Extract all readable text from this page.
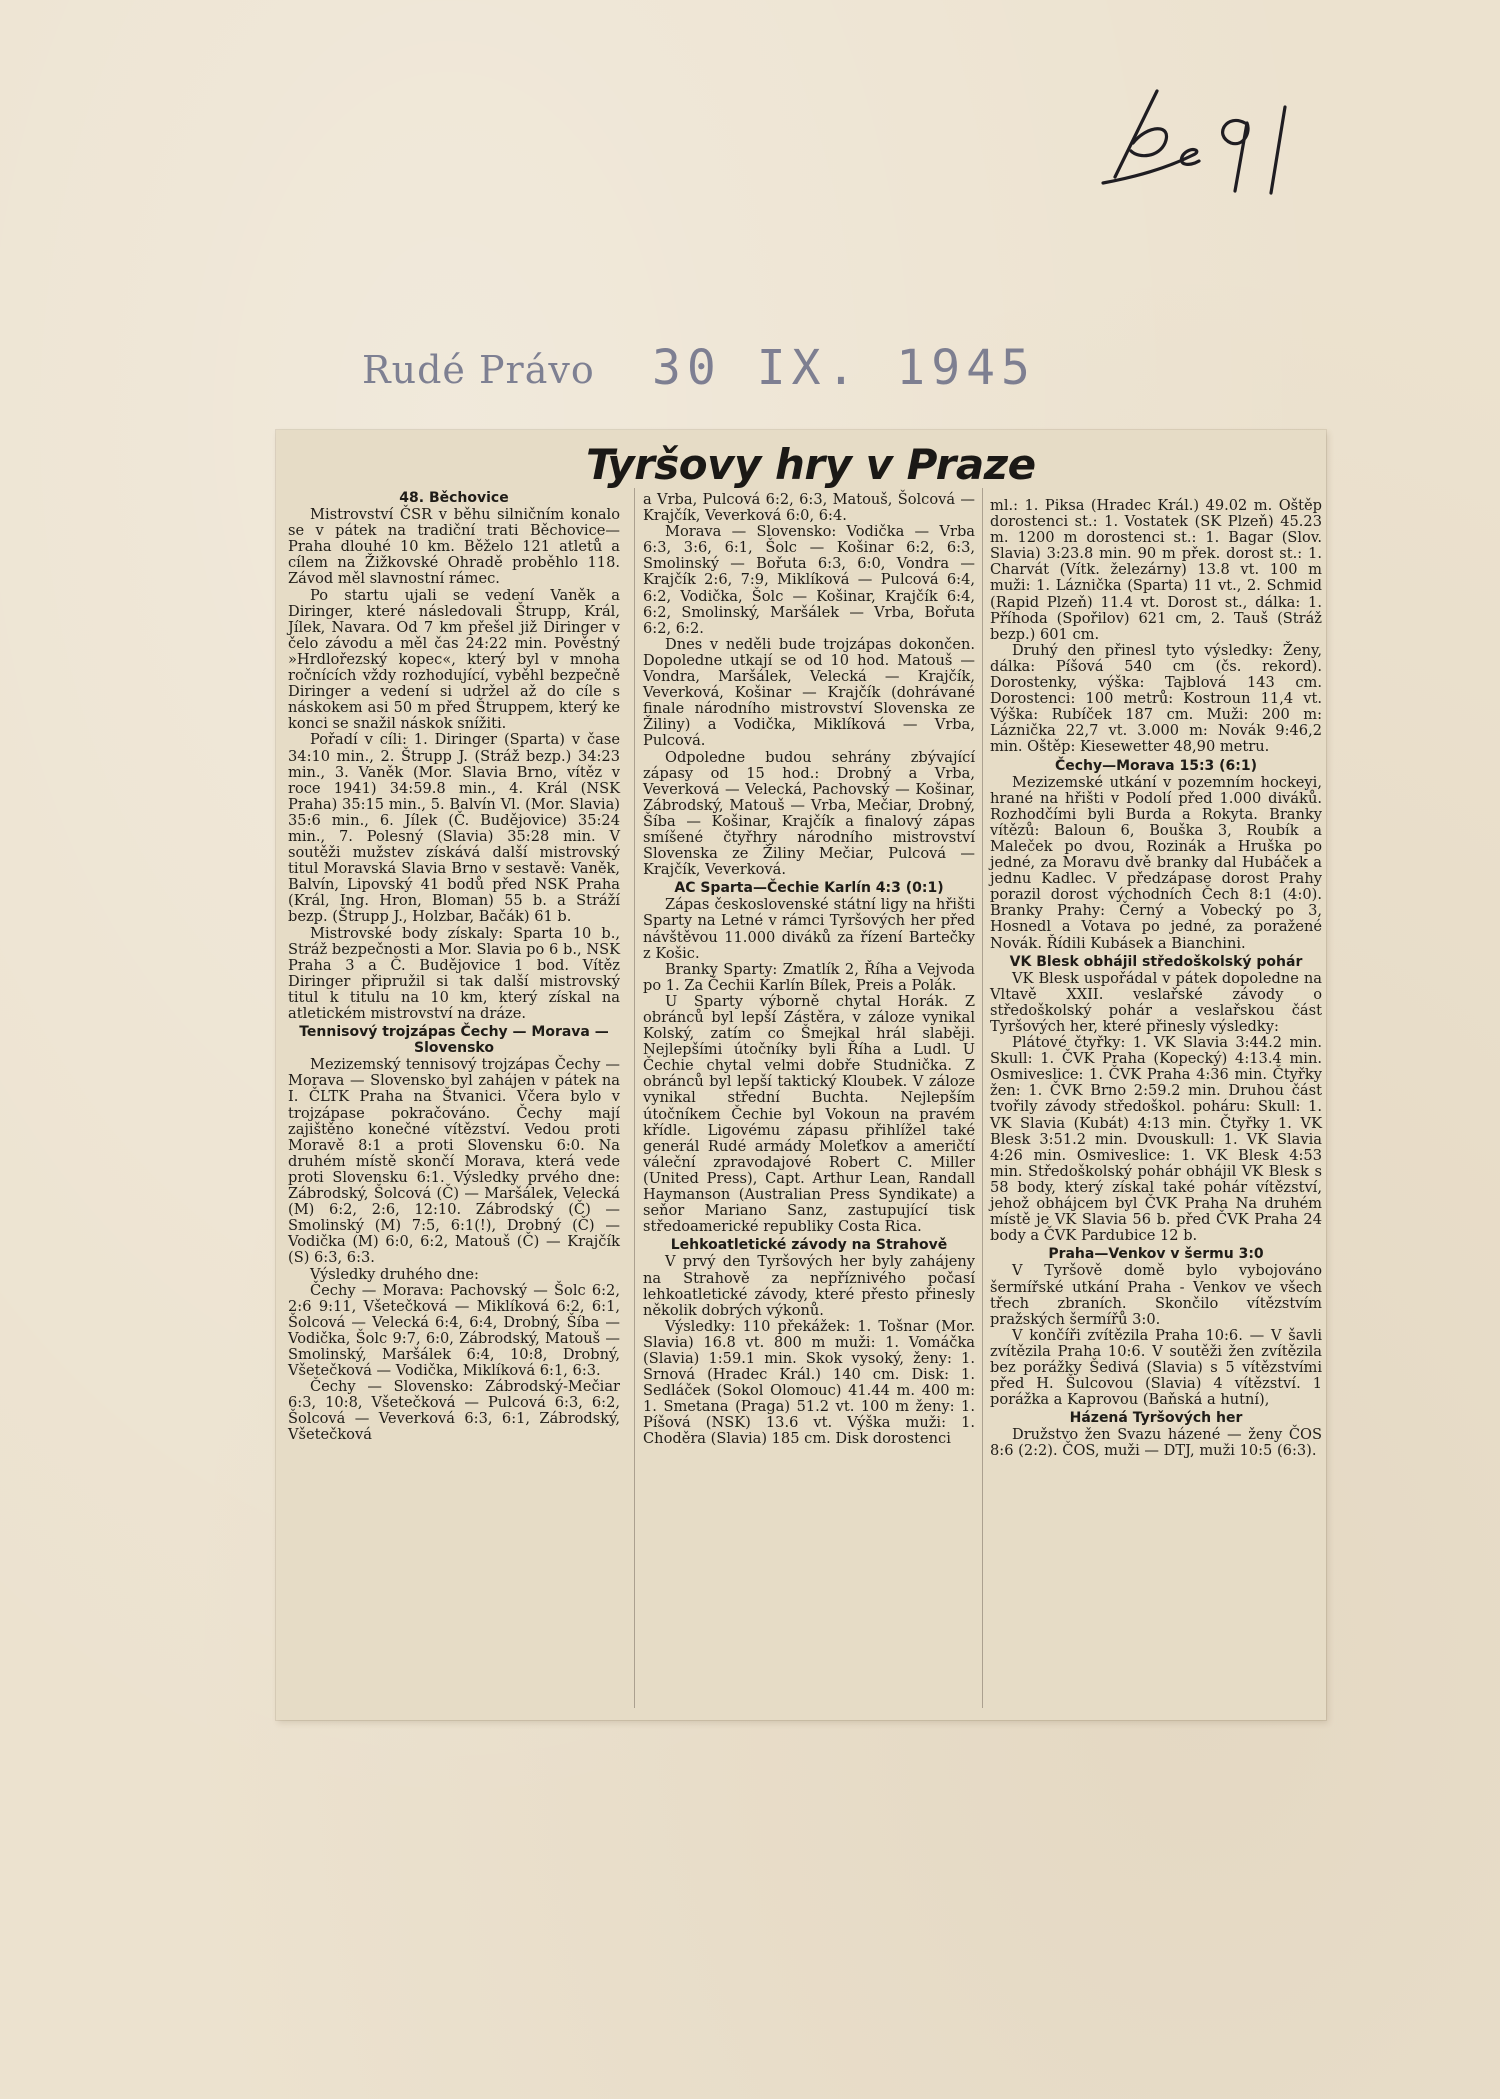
Rudé Právo 30 IX. 1945
Tyršovy hry v Praze

48. Běchovice

Mistrovství ČSR v běhu silničním konalo se v pátek na tradiční trati Běchovice—Praha dlouhé 10 km. Běželo 121 atletů a cílem na Žižkovské Ohradě proběhlo 118. Závod měl slavnostní rámec.

Po startu ujali se vedení Vaněk a Diringer, které následovali Štrupp, Král, Jílek, Navara. Od 7 km přešel již Diringer v čelo závodu a měl čas 24:22 min. Pověstný »Hrdlořezský kopec«, který byl v mnoha ročnících vždy rozhodující, vyběhl bezpečně Diringer a vedení si udržel až do cíle s náskokem asi 50 m před Štruppem, který ke konci se snažil náskok snížiti.

Pořadí v cíli: 1. Diringer (Sparta) v čase 34:10 min., 2. Štrupp J. (Stráž bezp.) 34:23 min., 3. Vaněk (Mor. Slavia Brno, vítěz v roce 1941) 34:59.8 min., 4. Král (NSK Praha) 35:15 min., 5. Balvín Vl. (Mor. Slavia) 35:6 min., 6. Jílek (Č. Budějovice) 35:24 min., 7. Polesný (Slavia) 35:28 min. V soutěži mužstev získává další mistrovský titul Moravská Slavia Brno v sestavě: Vaněk, Balvín, Lipovský 41 bodů před NSK Praha (Král, Ing. Hron, Bloman) 55 b. a Stráží bezp. (Štrupp J., Holzbar, Bačák) 61 b.

Mistrovské body získaly: Sparta 10 b., Stráž bezpečnosti a Mor. Slavia po 6 b., NSK Praha 3 a Č. Budějovice 1 bod. Vítěz Diringer připružil si tak další mistrovský titul k titulu na 10 km, který získal na atletickém mistrovství na dráze.

Tennisový trojzápas Čechy — Morava — Slovensko

Mezizemský tennisový trojzápas Čechy — Morava — Slovensko byl zahájen v pátek na I. ČLTK Praha na Štvanici. Včera bylo v trojzápase pokračováno. Čechy mají zajištěno konečné vítězství. Vedou proti Moravě 8:1 a proti Slovensku 6:0. Na druhém místě skončí Morava, která vede proti Slovensku 6:1. Výsledky prvého dne: Zábrodský, Šolcová (Č) — Maršálek, Velecká (M) 6:2, 2:6, 12:10. Zábrodský (Č) — Smolinský (M) 7:5, 6:1(!), Drobný (Č) — Vodička (M) 6:0, 6:2, Matouš (Č) — Krajčík (S) 6:3, 6:3.

Výsledky druhého dne:

Čechy — Morava: Pachovský — Šolc 6:2, 2:6 9:11, Všetečková — Miklíková 6:2, 6:1, Šolcová — Velecká 6:4, 6:4, Drobný, Šíba — Vodička, Šolc 9:7, 6:0, Zábrodský, Matouš — Smolinský, Maršálek 6:4, 10:8, Drobný, Všetečková — Vodička, Miklíková 6:1, 6:3.

Čechy — Slovensko: Zábrodský-Mečiar 6:3, 10:8, Všetečková — Pulcová 6:3, 6:2, Šolcová — Veverková 6:3, 6:1, Zábrodský, Všetečková

a Vrba, Pulcová 6:2, 6:3, Matouš, Šolcová — Krajčík, Veverková 6:0, 6:4.

Morava — Slovensko: Vodička — Vrba 6:3, 3:6, 6:1, Šolc — Košinar 6:2, 6:3, Smolinský — Bořuta 6:3, 6:0, Vondra — Krajčík 2:6, 7:9, Miklíková — Pulcová 6:4, 6:2, Vodička, Šolc — Košinar, Krajčík 6:4, 6:2, Smolinský, Maršálek — Vrba, Bořuta 6:2, 6:2.

Dnes v neděli bude trojzápas dokončen. Dopoledne utkají se od 10 hod. Matouš — Vondra, Maršálek, Velecká — Krajčík, Veverková, Košinar — Krajčík (dohrávané finale národního mistrovství Slovenska ze Žiliny) a Vodička, Miklíková — Vrba, Pulcová.

Odpoledne budou sehrány zbývající zápasy od 15 hod.: Drobný a Vrba, Veverková — Velecká, Pachovský — Košinar, Zábrodský, Matouš — Vrba, Mečiar, Drobný, Šíba — Košinar, Krajčík a finalový zápas smíšené čtyřhry národního mistrovství Slovenska ze Žiliny Mečiar, Pulcová — Krajčík, Veverková.

AC Sparta—Čechie Karlín 4:3 (0:1)

Zápas československé státní ligy na hřišti Sparty na Letné v rámci Tyršových her před návštěvou 11.000 diváků za řízení Bartečky z Košic.

Branky Sparty: Zmatlík 2, Říha a Vejvoda po 1. Za Čechii Karlín Bílek, Preis a Polák.

U Sparty výborně chytal Horák. Z obránců byl lepší Zástěra, v záloze vynikal Kolský, zatím co Šmejkal hrál slaběji. Nejlepšími útočníky byli Říha a Ludl. U Čechie chytal velmi dobře Studnička. Z obránců byl lepší taktický Kloubek. V záloze vynikal střední Buchta. Nejlepším útočníkem Čechie byl Vokoun na pravém křídle. Ligovému zápasu přihlížel také generál Rudé armády Moleťkov a američtí váleční zpravodajové Robert C. Miller (United Press), Capt. Arthur Lean, Randall Haymanson (Australian Press Syndikate) a seňor Mariano Sanz, zastupující tisk středoamerické republiky Costa Rica.

Lehkoatletické závody na Strahově

V prvý den Tyršových her byly zahájeny na Strahově za nepříznivého počasí lehkoatletické závody, které přesto přinesly několik dobrých výkonů.

Výsledky: 110 překážek: 1. Tošnar (Mor. Slavia) 16.8 vt. 800 m muži: 1. Vomáčka (Slavia) 1:59.1 min. Skok vysoký, ženy: 1. Srnová (Hradec Král.) 140 cm. Disk: 1. Sedláček (Sokol Olomouc) 41.44 m. 400 m: 1. Smetana (Praga) 51.2 vt. 100 m ženy: 1. Píšová (NSK) 13.6 vt. Výška muži: 1. Choděra (Slavia) 185 cm. Disk dorostenci

ml.: 1. Piksa (Hradec Král.) 49.02 m. Oštěp dorostenci st.: 1. Vostatek (SK Plzeň) 45.23 m. 1200 m dorostenci st.: 1. Bagar (Slov. Slavia) 3:23.8 min. 90 m přek. dorost st.: 1. Charvát (Vítk. železárny) 13.8 vt. 100 m muži: 1. Láznička (Sparta) 11 vt., 2. Schmid (Rapid Plzeň) 11.4 vt. Dorost st., dálka: 1. Příhoda (Spořilov) 621 cm, 2. Tauš (Stráž bezp.) 601 cm.

Druhý den přinesl tyto výsledky: Ženy, dálka: Píšová 540 cm (čs. rekord). Dorostenky, výška: Tajblová 143 cm. Dorostenci: 100 metrů: Kostroun 11,4 vt. Výška: Rubíček 187 cm. Muži: 200 m: Láznička 22,7 vt. 3.000 m: Novák 9:46,2 min. Oštěp: Kiesewetter 48,90 metru.

Čechy—Morava 15:3 (6:1)

Mezizemské utkání v pozemním hockeyi, hrané na hřišti v Podolí před 1.000 diváků. Rozhodčími byli Burda a Rokyta. Branky vítězů: Baloun 6, Bouška 3, Roubík a Maleček po dvou, Rozinák a Hruška po jedné, za Moravu dvě branky dal Hubáček a jednu Kadlec. V předzápase dorost Prahy porazil dorost východních Čech 8:1 (4:0). Branky Prahy: Černý a Vobecký po 3, Hosnedl a Votava po jedné, za poražené Novák. Řídili Kubásek a Bianchini.

VK Blesk obhájil středoškolský pohár

VK Blesk uspořádal v pátek dopoledne na Vltavě XXII. veslařské závody o středoškolský pohár a veslařskou část Tyršových her, které přinesly výsledky:

Plátové čtyřky: 1. VK Slavia 3:44.2 min. Skull: 1. ČVK Praha (Kopecký) 4:13.4 min. Osmiveslice: 1. ČVK Praha 4:36 min. Čtyřky žen: 1. ČVK Brno 2:59.2 min. Druhou část tvořily závody středoškol. poháru: Skull: 1. VK Slavia (Kubát) 4:13 min. Čtyřky 1. VK Blesk 3:51.2 min. Dvouskull: 1. VK Slavia 4:26 min. Osmiveslice: 1. VK Blesk 4:53 min. Středoškolský pohár obhájil VK Blesk s 58 body, který získal také pohár vítězství, jehož obhájcem byl ČVK Praha Na druhém místě je VK Slavia 56 b. před ČVK Praha 24 body a ČVK Pardubice 12 b.

Praha—Venkov v šermu 3:0

V Tyršově domě bylo vybojováno šermířské utkání Praha - Venkov ve všech třech zbraních. Skončilo vítězstvím pražských šermířů 3:0.

V končíři zvítězila Praha 10:6. — V šavli zvítězila Praha 10:6. V soutěži žen zvítězila bez porážky Šedivá (Slavia) s 5 vítězstvími před H. Šulcovou (Slavia) 4 vítězství. 1 porážka a Kaprovou (Baňská a hutní),

Házená Tyršových her

Družstvo žen Svazu házené — ženy ČOS 8:6 (2:2). ČOS, muži — DTJ, muži 10:5 (6:3).
